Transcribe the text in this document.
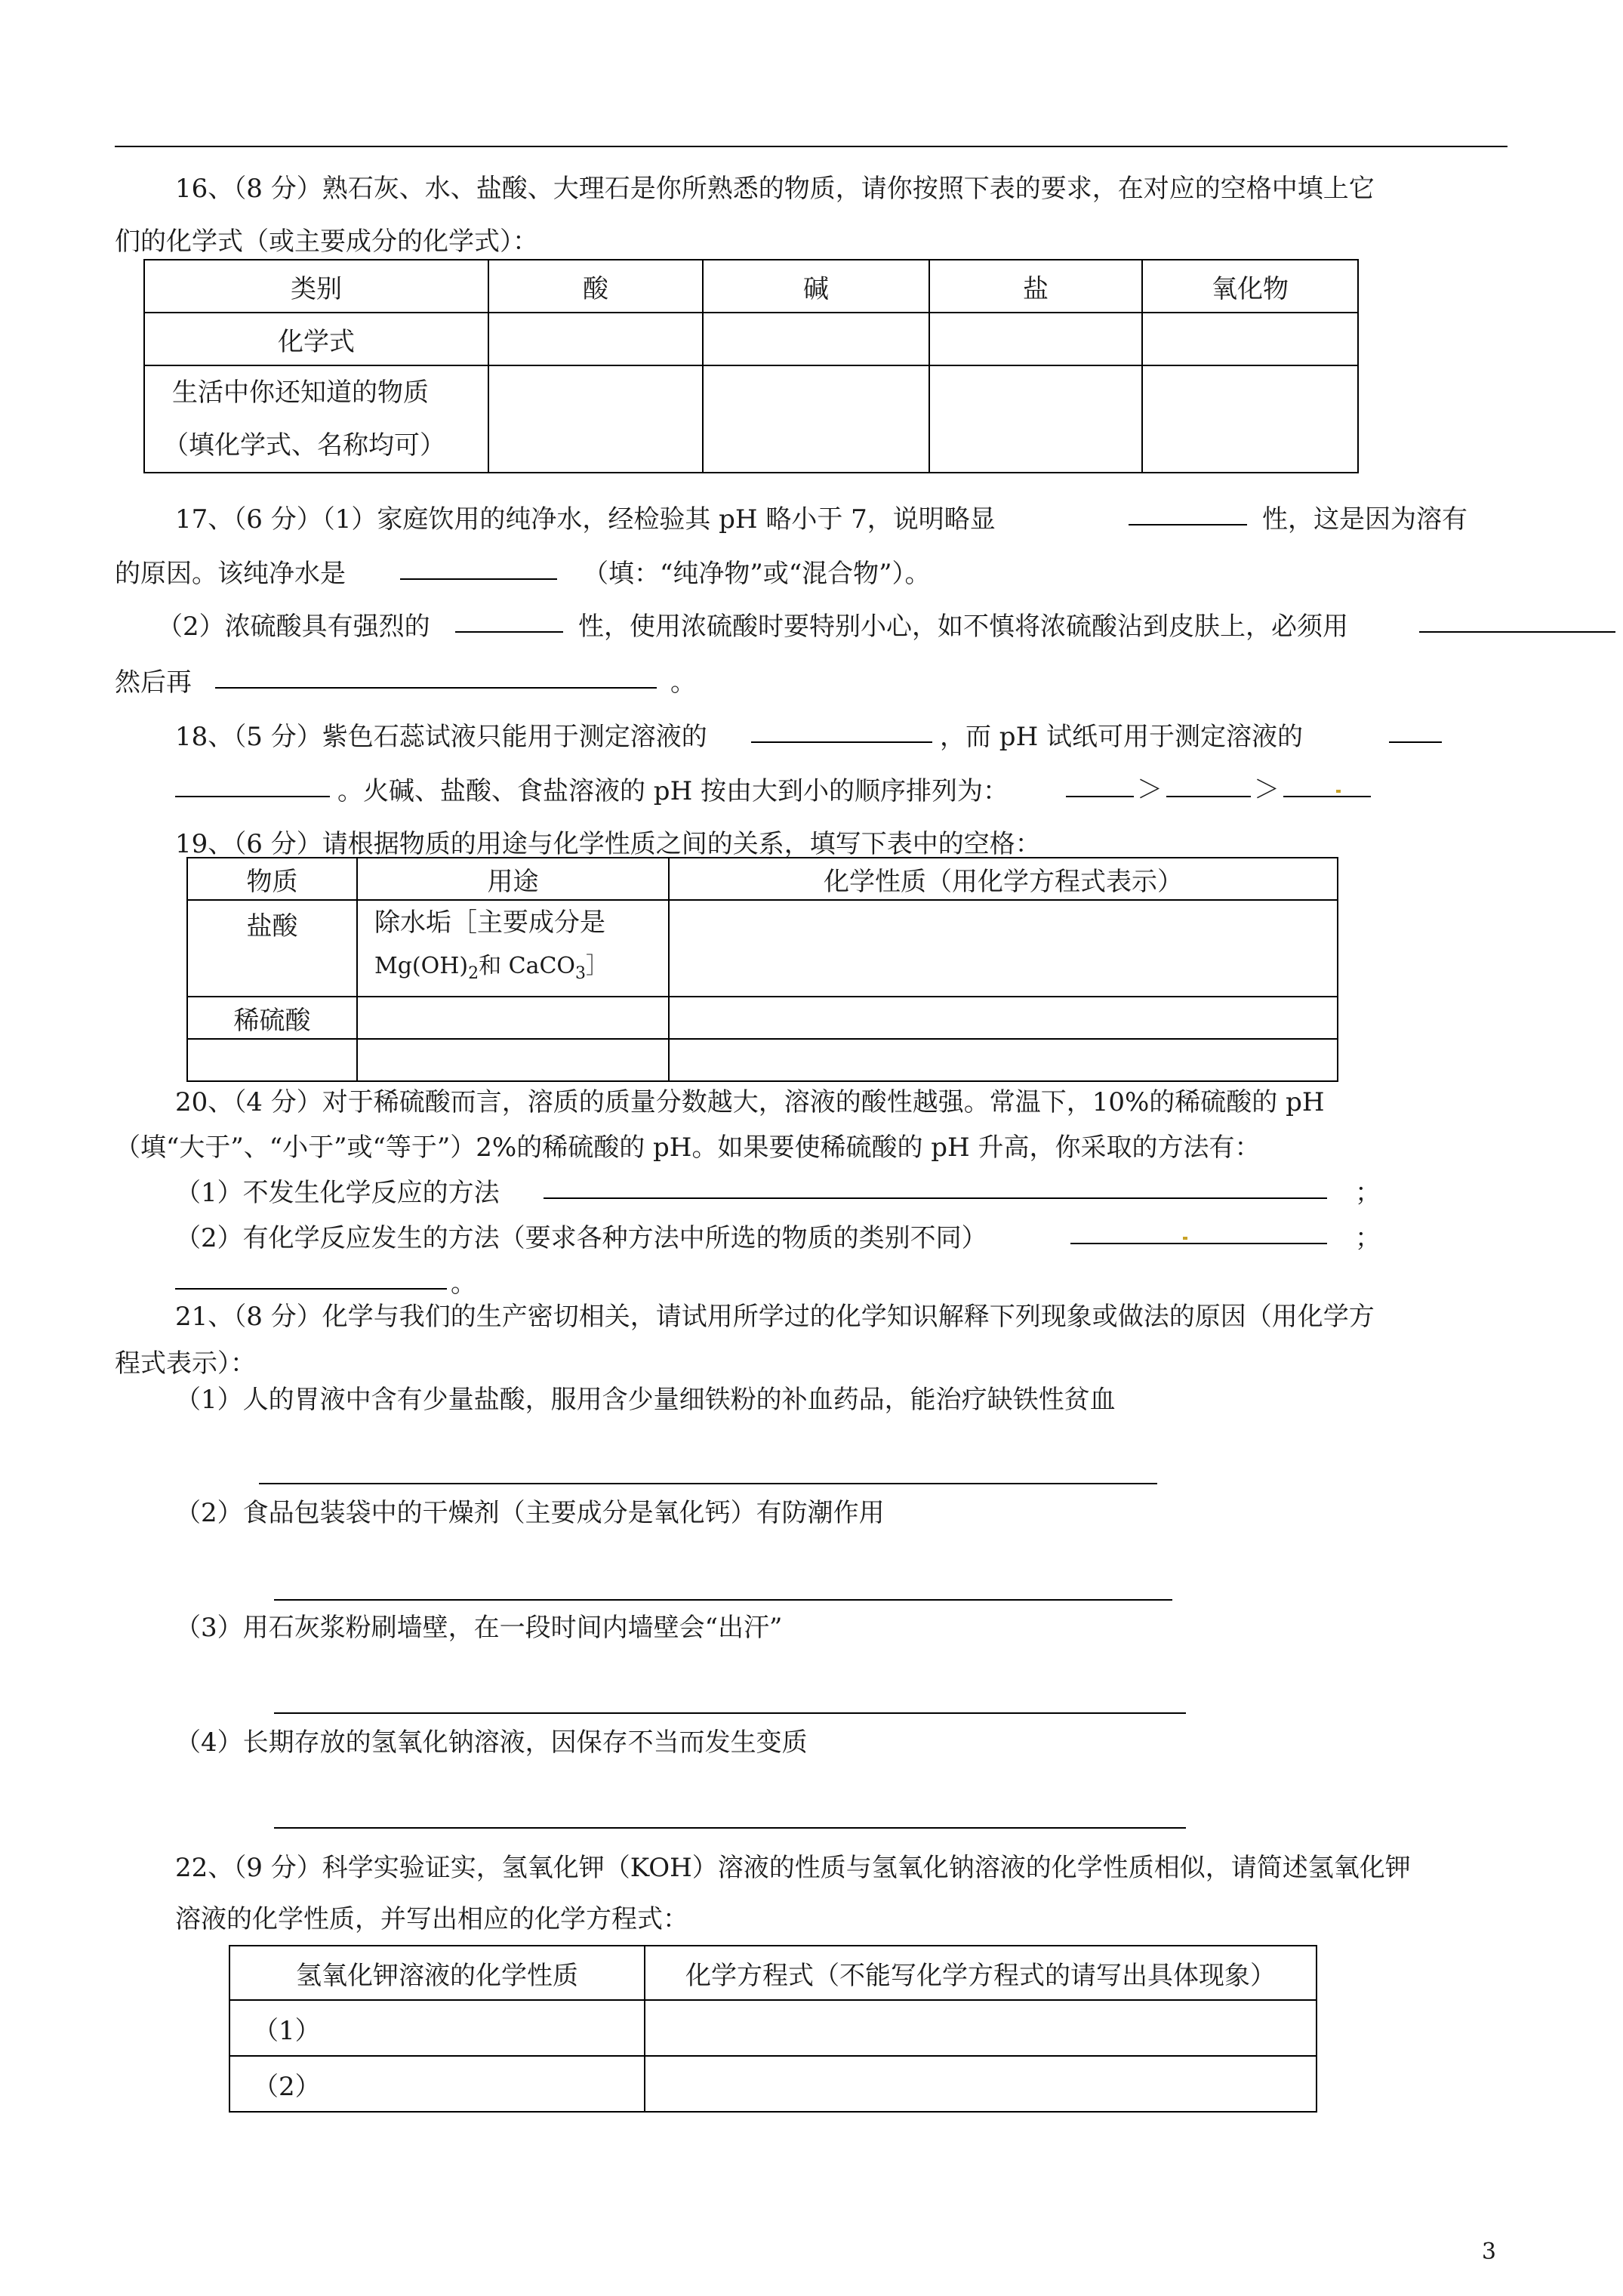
16、（8 分）熟石灰、水、盐酸、大理石是你所熟悉的物质，请你按照下表的要求，在对应的空格中填上它
们的化学式（或主要成分的化学式）：
类别	酸	碱	盐	氧化物
化学式				

生活中你还知道的物质
（填化学式、名称均可）				

17、（6 分）（1）家庭饮用的纯净水，经检验其 pH 略小于 7，说明略显	性，这是因为溶有
的原因。该纯净水是	（填：“纯净物”或“混合物”）。
（2）浓硫酸具有强烈的	性，使用浓硫酸时要特别小心，如不慎将浓硫酸沾到皮肤上，必须用
然后再	。
18、（5 分）紫色石蕊试液只能用于测定溶液的	，而 pH 试纸可用于测定溶液的
。火碱、盐酸、食盐溶液的 pH 按由大到小的顺序排列为：	＞	＞
19、（6 分）请根据物质的用途与化学性质之间的关系，填写下表中的空格：
物质	用途	化学性质（用化学方程式表示）
盐酸	除水垢［主要成分是
$Mg(OH)_2$和 CaCO$_3$］	

稀硫酸		

20、（4 分）对于稀硫酸而言，溶质的质量分数越大，溶液的酸性越强。常温下，10%的稀硫酸的 pH
（填“大于”、“小于”或“等于”）2%的稀硫酸的 pH。如果要使稀硫酸的 pH 升高，你采取的方法有：
（1）不发生化学反应的方法	；
（2）有化学反应发生的方法（要求各种方法中所选的物质的类别不同）	；
。
21、（8 分）化学与我们的生产密切相关，请试用所学过的化学知识解释下列现象或做法的原因（用化学方
程式表示）：
（1）人的胃液中含有少量盐酸，服用含少量细铁粉的补血药品，能治疗缺铁性贫血
（2）食品包装袋中的干燥剂（主要成分是氧化钙）有防潮作用
（3）用石灰浆粉刷墙壁，在一段时间内墙壁会“出汗”
（4）长期存放的氢氧化钠溶液，因保存不当而发生变质
22、（9 分）科学实验证实，氢氧化钾（KOH）溶液的性质与氢氧化钠溶液的化学性质相似，请简述氢氧化钾
溶液的化学性质，并写出相应的化学方程式：
氢氧化钾溶液的化学性质	化学方程式（不能写化学方程式的请写出具体现象）
（1）	
（2）	
3
